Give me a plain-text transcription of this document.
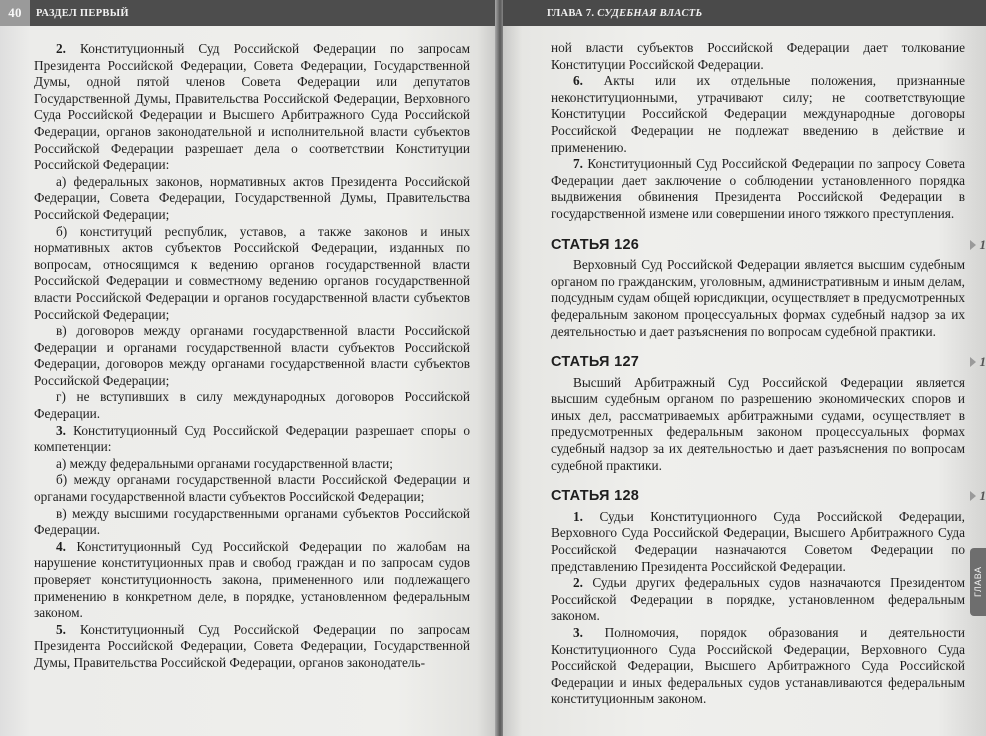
40	РАЗДЕЛ ПЕРВЫЙ

2. Конституционный Суд Российской Федерации по запросам Президента Российской Федерации, Совета Федерации, Государственной Думы, одной пятой членов Совета Федерации или депутатов Государственной Думы, Правительства Российской Федерации, Верховного Суда Российской Федерации и Высшего Арбитражного Суда Российской Федерации, органов законодательной и исполнительной власти субъектов Российской Федерации разрешает дела о соответствии Конституции Российской Федерации:

а) федеральных законов, нормативных актов Президента Российской Федерации, Совета Федерации, Государственной Думы, Правительства Российской Федерации;

б) конституций республик, уставов, а также законов и иных нормативных актов субъектов Российской Федерации, изданных по вопросам, относящимся к ведению органов государственной власти Российской Федерации и совместному ведению органов государственной власти Российской Федерации и органов государственной власти субъектов Российской Федерации;

в) договоров между органами государственной власти Российской Федерации и органами государственной власти субъектов Российской Федерации, договоров между органами государственной власти субъектов Российской Федерации;

г) не вступивших в силу международных договоров Российской Федерации.

3. Конституционный Суд Российской Федерации разрешает споры о компетенции:

а) между федеральными органами государственной власти;

б) между органами государственной власти Российской Федерации и органами государственной власти субъектов Российской Федерации;

в) между высшими государственными органами субъектов Российской Федерации.

4. Конституционный Суд Российской Федерации по жалобам на нарушение конституционных прав и свобод граждан и по запросам судов проверяет конституционность закона, примененного или подлежащего применению в конкретном деле, в порядке, установленном федеральным законом.

5. Конституционный Суд Российской Федерации по запросам Президента Российской Федерации, Совета Федерации, Государственной Думы, Правительства Российской Федерации, органов законодатель-

ГЛАВА 7. СУДЕБНАЯ ВЛАСТЬ

ной власти субъектов Российской Федерации дает толкование Конституции Российской Федерации.

6. Акты или их отдельные положения, признанные неконституционными, утрачивают силу; не соответствующие Конституции Российской Федерации международные договоры Российской Федерации не подлежат введению в действие и применению.

7. Конституционный Суд Российской Федерации по запросу Совета Федерации дает заключение о соблюдении установленного порядка выдвижения обвинения Президента Российской Федерации в государственной измене или совершении иного тяжкого преступления.

СТАТЬЯ 126

Верховный Суд Российской Федерации является высшим судебным органом по гражданским, уголовным, административным и иным делам, подсудным судам общей юрисдикции, осуществляет в предусмотренных федеральным законом процессуальных формах судебный надзор за их деятельностью и дает разъяснения по вопросам судебной практики.

СТАТЬЯ 127

Высший Арбитражный Суд Российской Федерации является высшим судебным органом по разрешению экономических споров и иных дел, рассматриваемых арбитражными судами, осуществляет в предусмотренных федеральным законом процессуальных формах судебный надзор за их деятельностью и дает разъяснения по вопросам судебной практики.

СТАТЬЯ 128

1. Судьи Конституционного Суда Российской Федерации, Верховного Суда Российской Федерации, Высшего Арбитражного Суда Российской Федерации назначаются Советом Федерации по представлению Президента Российской Федерации.

2. Судьи других федеральных судов назначаются Президентом Российской Федерации в порядке, установленном федеральным законом.

3. Полномочия, порядок образования и деятельности Конституционного Суда Российской Федерации, Верховного Суда Российской Федерации, Высшего Арбитражного Суда Российской Федерации и иных федеральных судов устанавливаются федеральным конституционным законом.

ГЛАВА
1
1
1
